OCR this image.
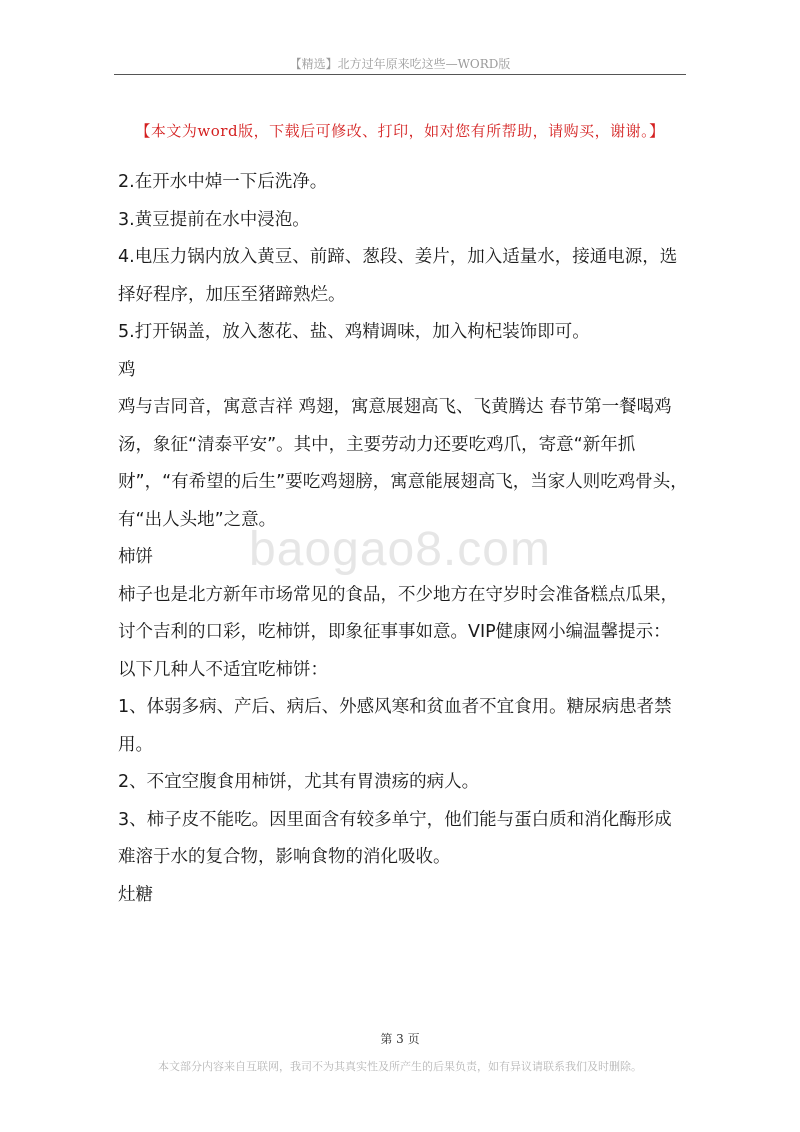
【精选】北方过年原来吃这些—WORD版
【本文为word版，下载后可修改、打印，如对您有所帮助，请购买，谢谢。】
baogao8.com

2.在开水中焯一下后洗净。

3.黄豆提前在水中浸泡。

4.电压力锅内放入黄豆、前蹄、葱段、姜片，加入适量水，接通电源，选择好程序，加压至猪蹄熟烂。

5.打开锅盖，放入葱花、盐、鸡精调味，加入枸杞装饰即可。

鸡

鸡与吉同音，寓意吉祥 鸡翅，寓意展翅高飞、飞黄腾达 春节第一餐喝鸡汤，象征“清泰平安”。其中，主要劳动力还要吃鸡爪，寄意“新年抓财”，“有希望的后生”要吃鸡翅膀，寓意能展翅高飞，当家人则吃鸡骨头，有“出人头地”之意。

柿饼

柿子也是北方新年市场常见的食品，不少地方在守岁时会准备糕点瓜果，讨个吉利的口彩，吃柿饼，即象征事事如意。VIP健康网小编温馨提示：以下几种人不适宜吃柿饼：

1、体弱多病、产后、病后、外感风寒和贫血者不宜食用。糖尿病患者禁用。

2、不宜空腹食用柿饼，尤其有胃溃疡的病人。

3、柿子皮不能吃。因里面含有较多单宁，他们能与蛋白质和消化酶形成难溶于水的复合物，影响食物的消化吸收。

灶糖

第 3 页
本文部分内容来自互联网，我司不为其真实性及所产生的后果负责，如有异议请联系我们及时删除。
